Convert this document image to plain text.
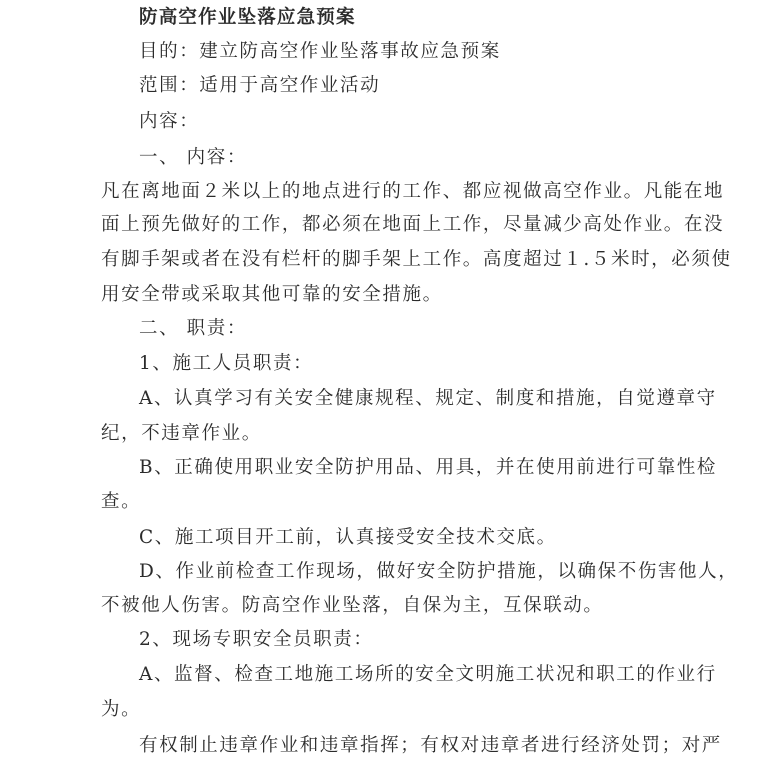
防高空作业坠落应急预案
目的：建立防高空作业坠落事故应急预案
范围：适用于高空作业活动
内容：
一、 内容：
凡在离地面２米以上的地点进行的工作、都应视做高空作业。凡能在地
面上预先做好的工作，都必须在地面上工作，尽量减少高处作业。在没
有脚手架或者在没有栏杆的脚手架上工作。高度超过１.５米时，必须使
用安全带或采取其他可靠的安全措施。
二、 职责：
1、施工人员职责：
A、认真学习有关安全健康规程、规定、制度和措施，自觉遵章守
纪，不违章作业。
B、正确使用职业安全防护用品、用具，并在使用前进行可靠性检
查。
C、施工项目开工前，认真接受安全技术交底。
D、作业前检查工作现场，做好安全防护措施，以确保不伤害他人，
不被他人伤害。防高空作业坠落，自保为主，互保联动。
2、现场专职安全员职责：
A、监督、检查工地施工场所的安全文明施工状况和职工的作业行
为。
有权制止违章作业和违章指挥；有权对违章者进行经济处罚；对严
